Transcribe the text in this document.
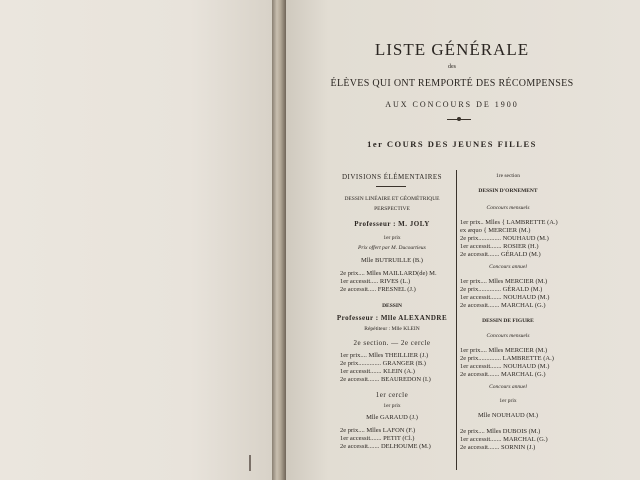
LISTE GÉNÉRALE
des
ÉLÈVES QUI ONT REMPORTÉ DES RÉCOMPENSES
AUX CONCOURS DE 1900
1er COURS DES JEUNES FILLES
DIVISIONS ÉLÉMENTAIRES
DESSIN LINÉAIRE ET GÉOMÉTRIQUE
PERSPECTIVE
Professeur : M. JOLY
1er prix
Prix offert par M. Ducourtieux
Mlle BUTRUILLE (B.)
2e prix.... Mlles MAILLARD(de) M.
1er accessit..... RIVES (L.)
2e accessit..... FRESNEL (J.)
DESSIN
Professeur : Mlle ALEXANDRE
Répétiteur : Mlle KLEIN
2e section. — 2e cercle
1er prix.... Mlles THEILLIER (J.)
2e prix.............. GRANGER (B.)
1er accessit....... KLEIN (A.)
2e accessit....... BEAUREDON (I.)
1er cercle
1er prix
Mlle GARAUD (J.)
2e prix.... Mlles LAFON (F.)
1er accessit....... PETIT (Cl.)
2e accessit....... DELHOUME (M.)
1re section
DESSIN D'ORNEMENT
Concours mensuels
1er prix.. Mlles { LAMBRETTE (A.)
ex æquo { MERCIER (M.)
2e prix.............. NOUHAUD (M.)
1er accessit....... ROSIER (H.)
2e accessit....... GÉRALD (M.)
Concours annuel
1er prix.... Mlles MERCIER (M.)
2e prix.............. GÉRALD (M.)
1er accessit....... NOUHAUD (M.)
2e accessit....... MARCHAL (G.)
DESSIN DE FIGURE
Concours mensuels
1er prix.... Mlles MERCIER (M.)
2e prix.............. LAMBRETTE (A.)
1er accessit....... NOUHAUD (M.)
2e accessit....... MARCHAL (G.)
Concours annuel
1er prix
Mlle NOUHAUD (M.)
2e prix.... Mlles DUBOIS (M.)
1er accessit....... MARCHAL (G.)
2e accessit....... SORNIN (J.)
